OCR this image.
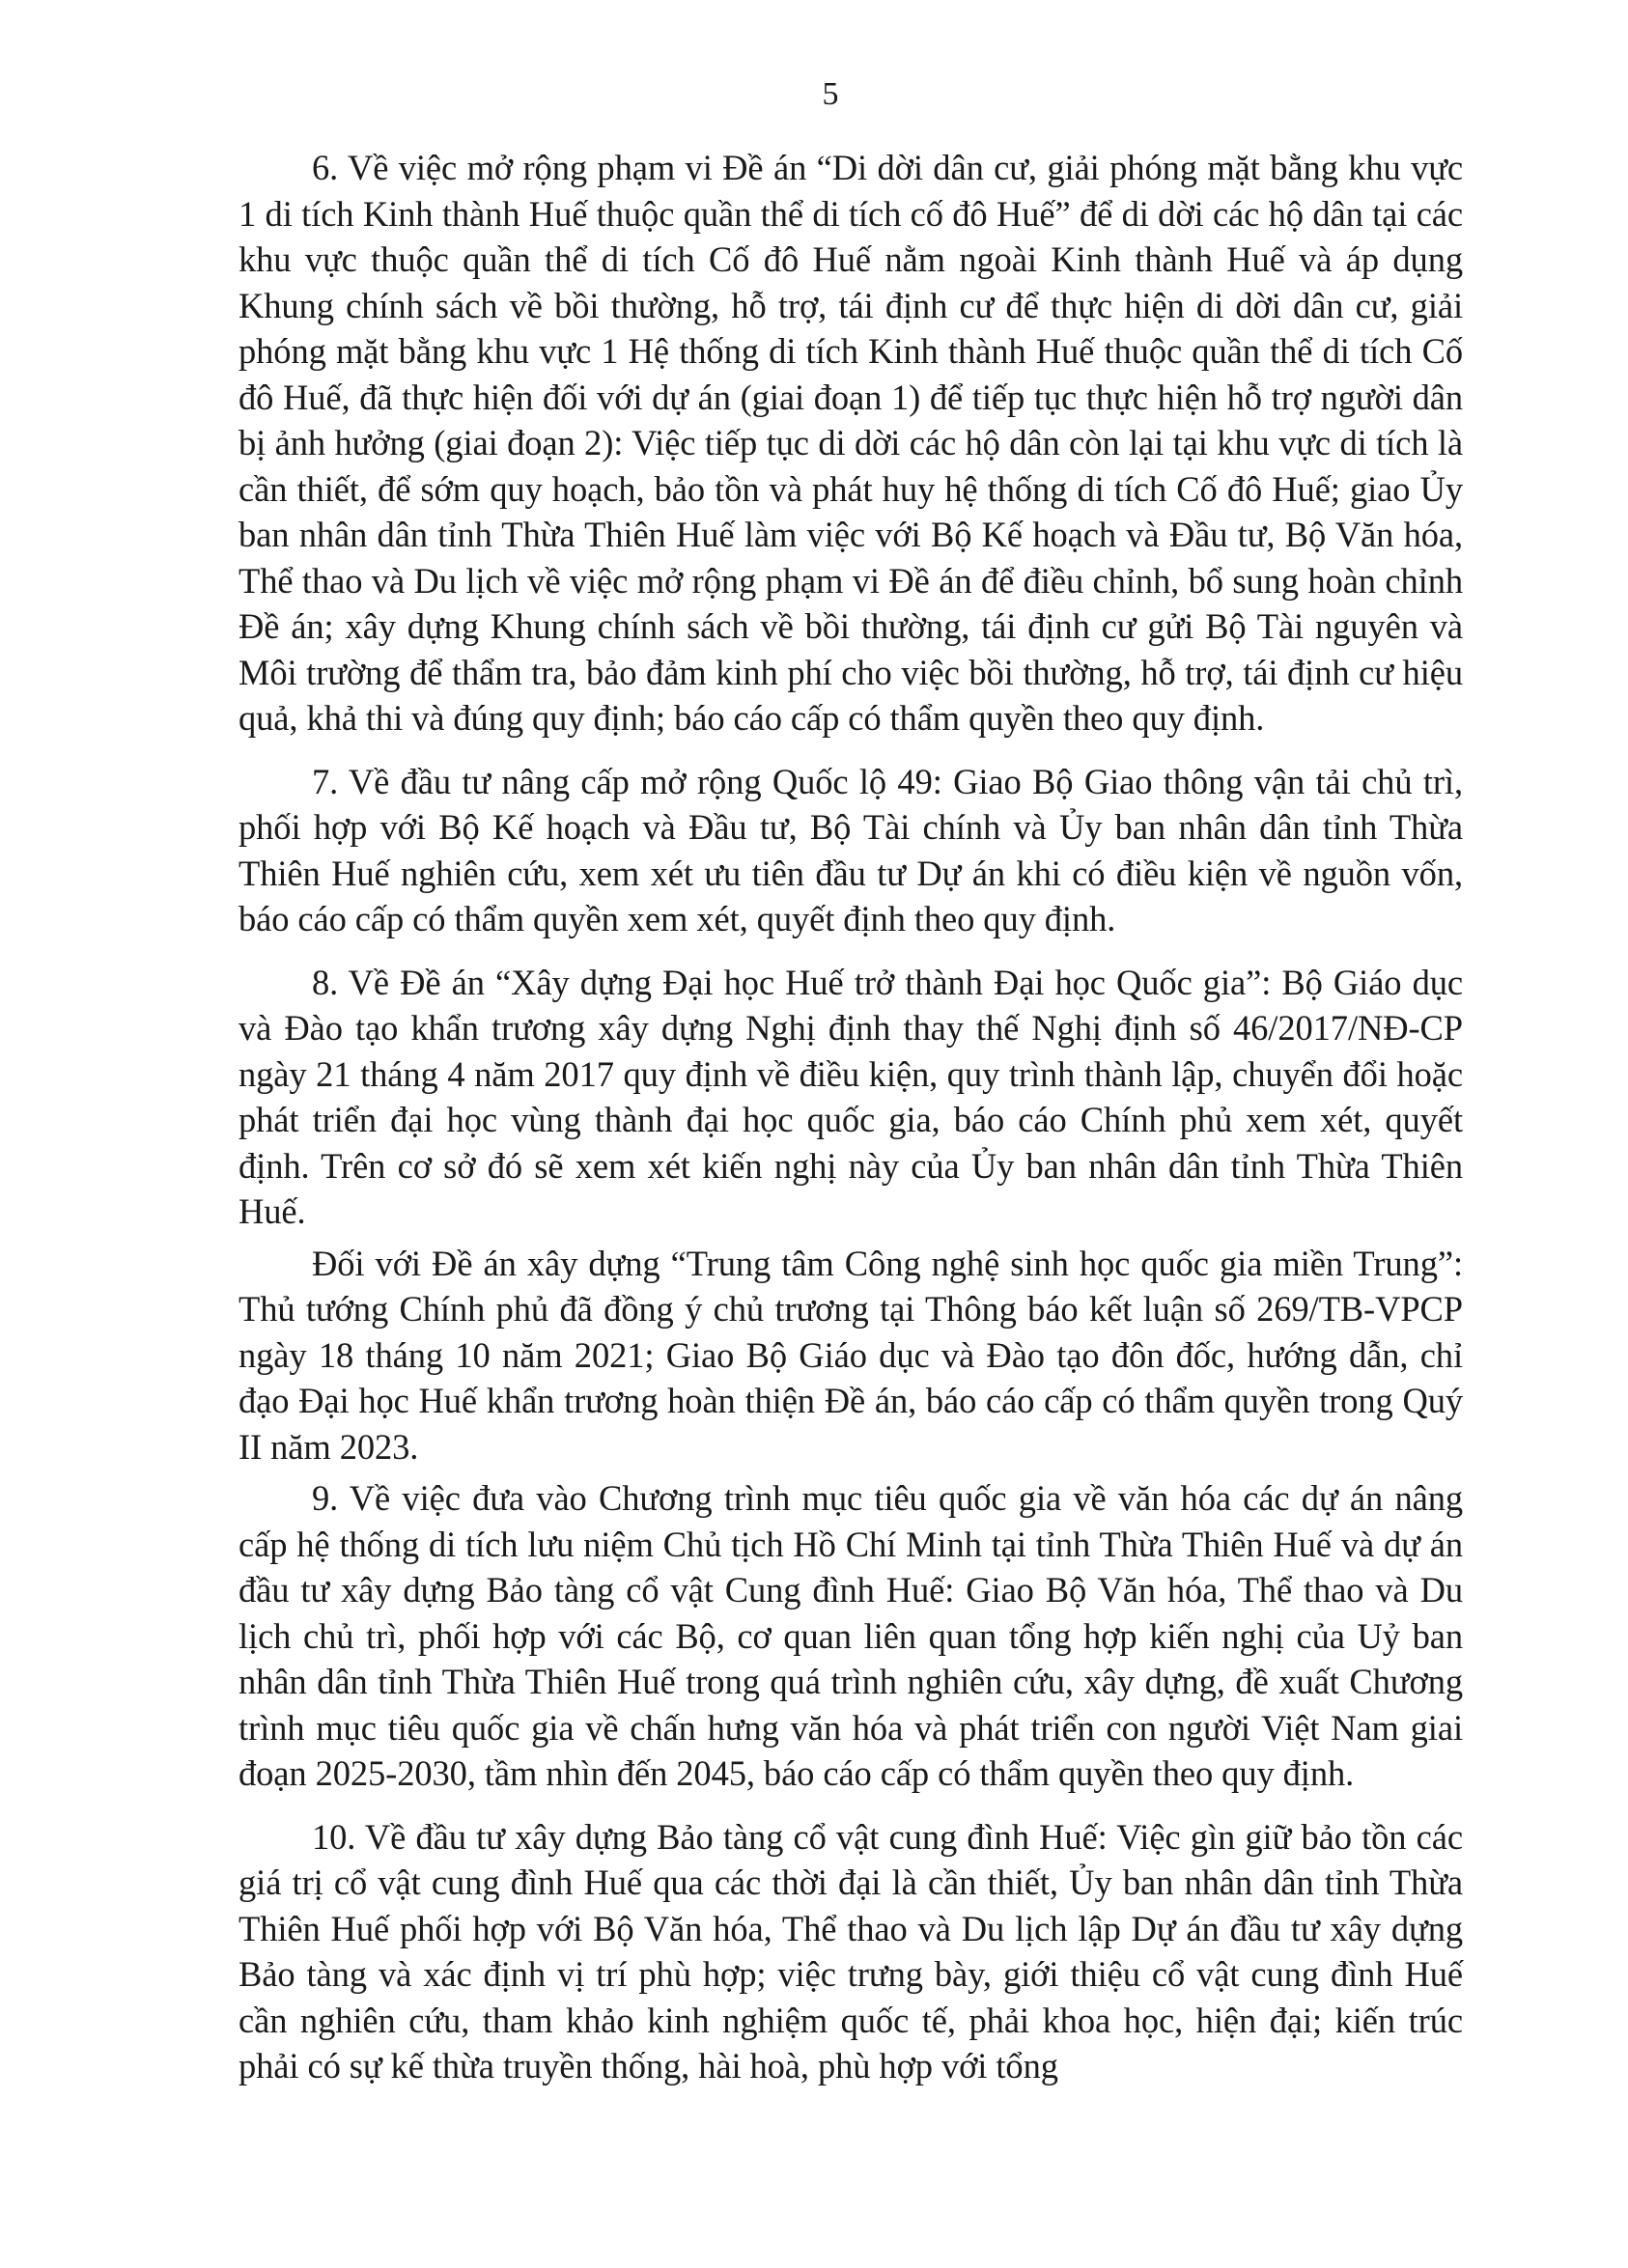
5

6. Về việc mở rộng phạm vi Đề án “Di dời dân cư, giải phóng mặt bằng khu vực 1 di tích Kinh thành Huế thuộc quần thể di tích cố đô Huế” để di dời các hộ dân tại các khu vực thuộc quần thể di tích Cố đô Huế nằm ngoài Kinh thành Huế và áp dụng Khung chính sách về bồi thường, hỗ trợ, tái định cư để thực hiện di dời dân cư, giải phóng mặt bằng khu vực 1 Hệ thống di tích Kinh thành Huế thuộc quần thể di tích Cố đô Huế, đã thực hiện đối với dự án (giai đoạn 1) để tiếp tục thực hiện hỗ trợ người dân bị ảnh hưởng (giai đoạn 2): Việc tiếp tục di dời các hộ dân còn lại tại khu vực di tích là cần thiết, để sớm quy hoạch, bảo tồn và phát huy hệ thống di tích Cố đô Huế; giao Ủy ban nhân dân tỉnh Thừa Thiên Huế làm việc với Bộ Kế hoạch và Đầu tư, Bộ Văn hóa, Thể thao và Du lịch về việc mở rộng phạm vi Đề án để điều chỉnh, bổ sung hoàn chỉnh Đề án; xây dựng Khung chính sách về bồi thường, tái định cư gửi Bộ Tài nguyên và Môi trường để thẩm tra, bảo đảm kinh phí cho việc bồi thường, hỗ trợ, tái định cư hiệu quả, khả thi và đúng quy định; báo cáo cấp có thẩm quyền theo quy định.

7. Về đầu tư nâng cấp mở rộng Quốc lộ 49: Giao Bộ Giao thông vận tải chủ trì, phối hợp với Bộ Kế hoạch và Đầu tư, Bộ Tài chính và Ủy ban nhân dân tỉnh Thừa Thiên Huế nghiên cứu, xem xét ưu tiên đầu tư Dự án khi có điều kiện về nguồn vốn, báo cáo cấp có thẩm quyền xem xét, quyết định theo quy định.

8. Về Đề án “Xây dựng Đại học Huế trở thành Đại học Quốc gia”: Bộ Giáo dục và Đào tạo khẩn trương xây dựng Nghị định thay thế Nghị định số 46/2017/NĐ-CP ngày 21 tháng 4 năm 2017 quy định về điều kiện, quy trình thành lập, chuyển đổi hoặc phát triển đại học vùng thành đại học quốc gia, báo cáo Chính phủ xem xét, quyết định. Trên cơ sở đó sẽ xem xét kiến nghị này của Ủy ban nhân dân tỉnh Thừa Thiên Huế.

Đối với Đề án xây dựng “Trung tâm Công nghệ sinh học quốc gia miền Trung”: Thủ tướng Chính phủ đã đồng ý chủ trương tại Thông báo kết luận số 269/TB-VPCP ngày 18 tháng 10 năm 2021; Giao Bộ Giáo dục và Đào tạo đôn đốc, hướng dẫn, chỉ đạo Đại học Huế khẩn trương hoàn thiện Đề án, báo cáo cấp có thẩm quyền trong Quý II năm 2023.

9. Về việc đưa vào Chương trình mục tiêu quốc gia về văn hóa các dự án nâng cấp hệ thống di tích lưu niệm Chủ tịch Hồ Chí Minh tại tỉnh Thừa Thiên Huế và dự án đầu tư xây dựng Bảo tàng cổ vật Cung đình Huế: Giao Bộ Văn hóa, Thể thao và Du lịch chủ trì, phối hợp với các Bộ, cơ quan liên quan tổng hợp kiến nghị của Uỷ ban nhân dân tỉnh Thừa Thiên Huế trong quá trình nghiên cứu, xây dựng, đề xuất Chương trình mục tiêu quốc gia về chấn hưng văn hóa và phát triển con người Việt Nam giai đoạn 2025-2030, tầm nhìn đến 2045, báo cáo cấp có thẩm quyền theo quy định.

10. Về đầu tư xây dựng Bảo tàng cổ vật cung đình Huế: Việc gìn giữ bảo tồn các giá trị cổ vật cung đình Huế qua các thời đại là cần thiết, Ủy ban nhân dân tỉnh Thừa Thiên Huế phối hợp với Bộ Văn hóa, Thể thao và Du lịch lập Dự án đầu tư xây dựng Bảo tàng và xác định vị trí phù hợp; việc trưng bày, giới thiệu cổ vật cung đình Huế cần nghiên cứu, tham khảo kinh nghiệm quốc tế, phải khoa học, hiện đại; kiến trúc phải có sự kế thừa truyền thống, hài hoà, phù hợp với tổng
